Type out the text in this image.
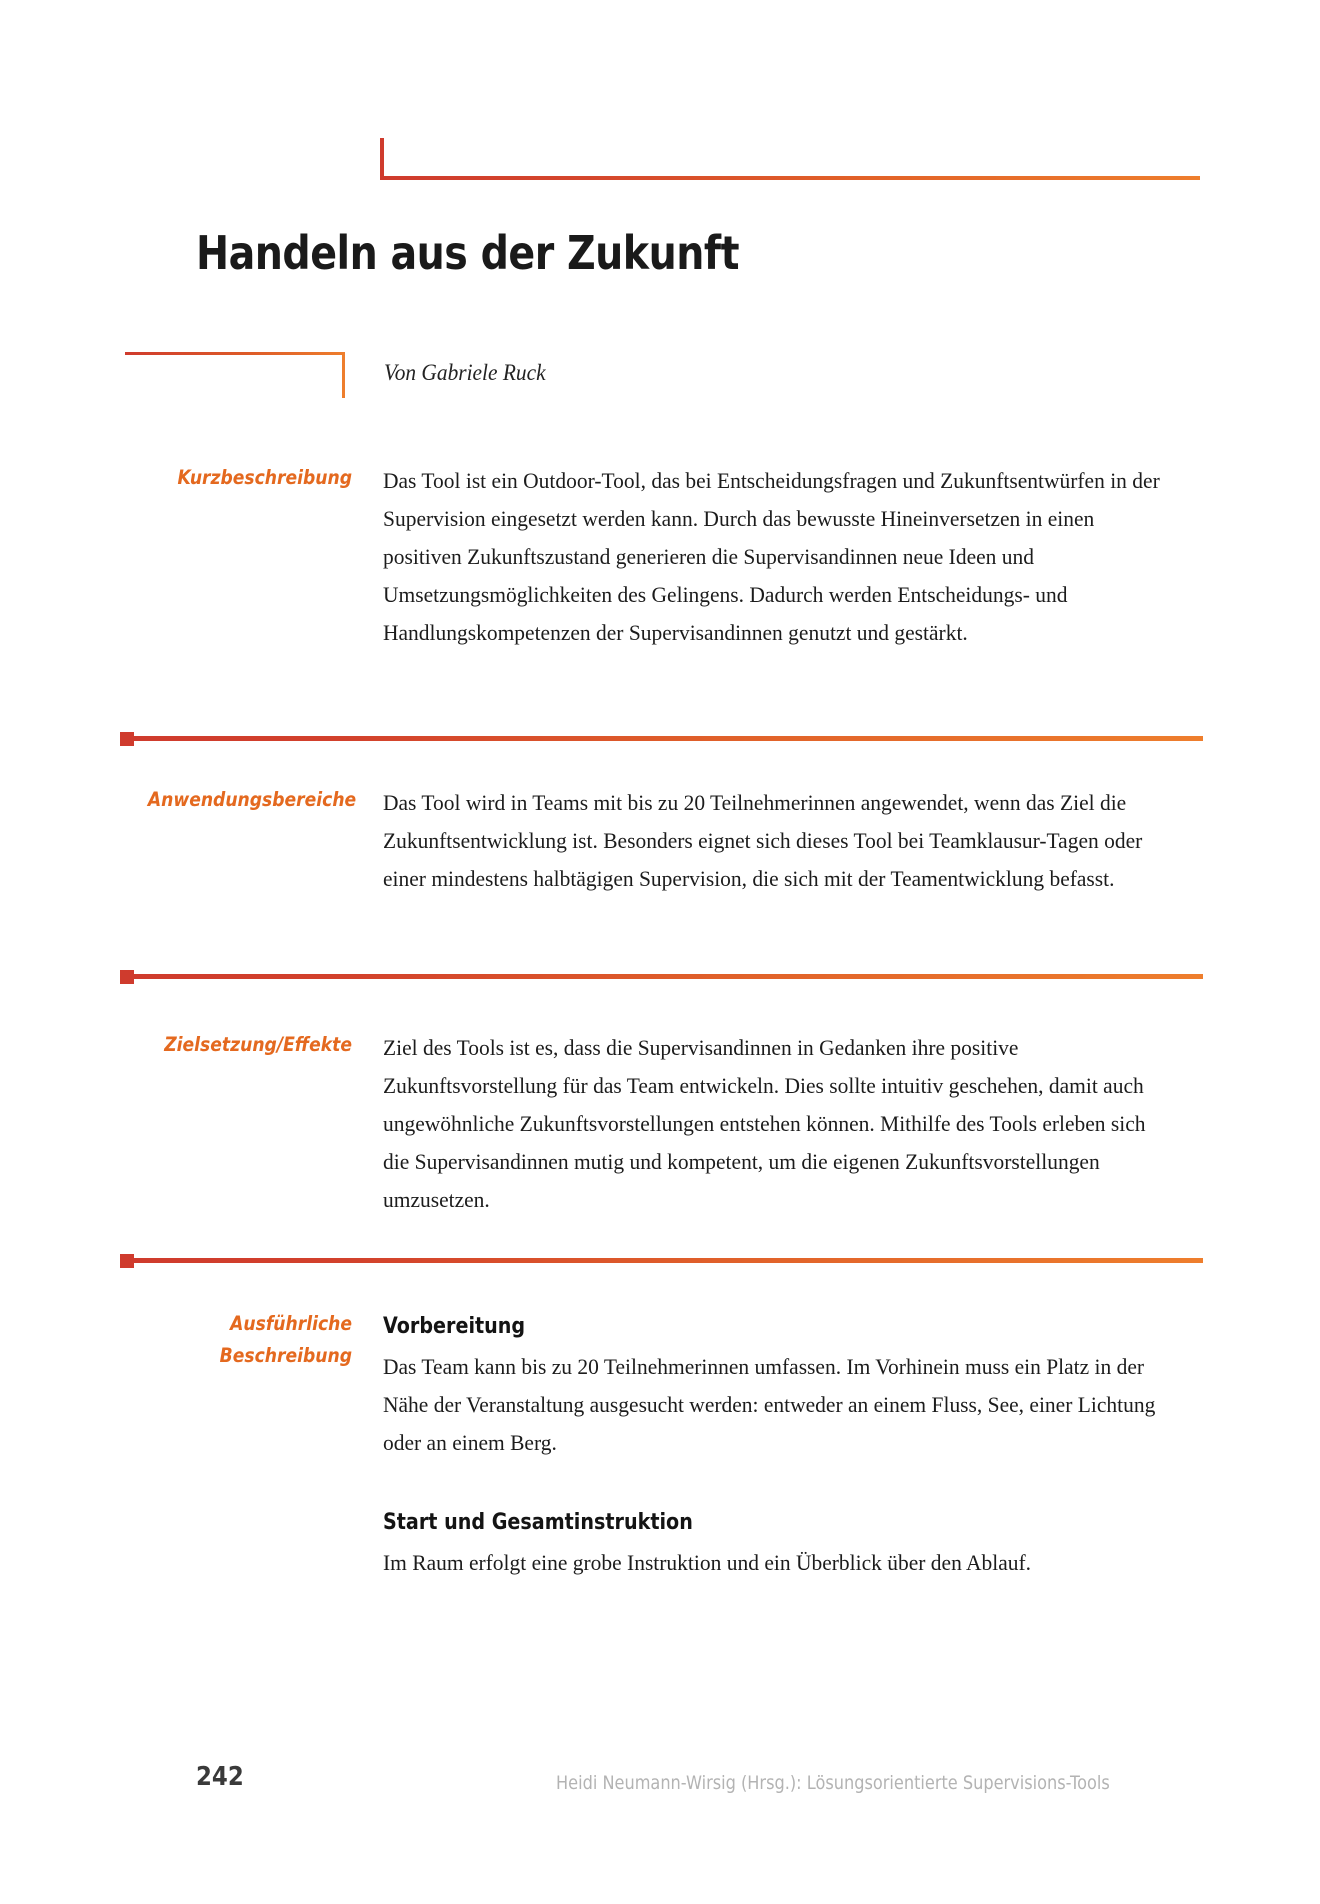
Handeln aus der Zukunft
Von Gabriele Ruck
Kurzbeschreibung Das Tool ist ein Outdoor-Tool, das bei Entscheidungsfragen und Zukunftsentwürfen in der Supervision eingesetzt werden kann. Durch das bewusste Hineinversetzen in einen positiven Zukunftszustand generieren die Supervisandinnen neue Ideen und Umsetzungsmöglichkeiten des Gelingens. Dadurch werden Entscheidungs- und Handlungskompetenzen der Supervisandinnen genutzt und gestärkt.

Anwendungsbereiche Das Tool wird in Teams mit bis zu 20 Teilnehmerinnen angewendet, wenn das Ziel die Zukunftsentwicklung ist. Besonders eignet sich dieses Tool bei Teamklausur-Tagen oder einer mindestens halbtägigen Supervision, die sich mit der Teamentwicklung befasst.

Zielsetzung/Effekte Ziel des Tools ist es, dass die Supervisandinnen in Gedanken ihre positive Zukunftsvorstellung für das Team entwickeln. Dies sollte intuitiv geschehen, damit auch ungewöhnliche Zukunftsvorstellungen entstehen können. Mithilfe des Tools erleben sich die Supervisandinnen mutig und kompetent, um die eigenen Zukunftsvorstellungen umzusetzen.

Ausführliche
Beschreibung
Vorbereitung

Das Team kann bis zu 20 Teilnehmerinnen umfassen. Im Vorhinein muss ein Platz in der Nähe der Veranstaltung ausgesucht werden: entweder an einem Fluss, See, einer Lichtung oder an einem Berg.

Start und Gesamtinstruktion

Im Raum erfolgt eine grobe Instruktion und ein Überblick über den Ablauf.

242	Heidi Neumann-Wirsig (Hrsg.): Lösungsorientierte Supervisions-Tools
